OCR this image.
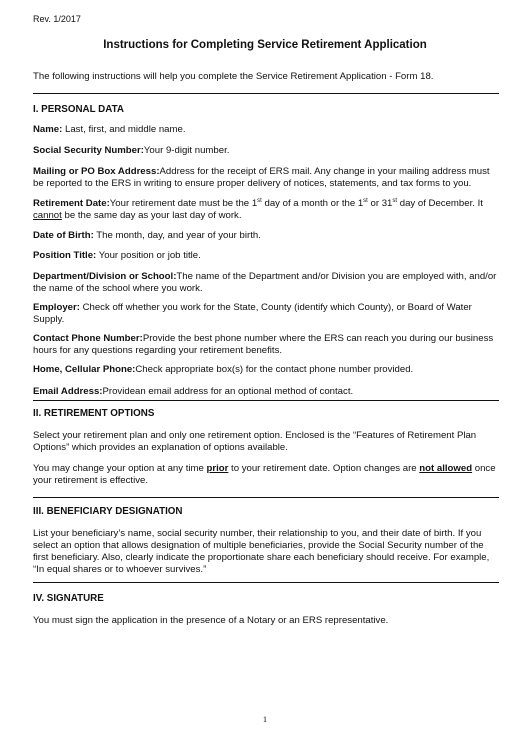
Rev. 1/2017
Instructions for Completing Service Retirement Application
The following instructions will help you complete the Service Retirement Application - Form 18.
I. PERSONAL DATA
Name: Last, first, and middle name.
Social Security Number:Your 9-digit number.
Mailing or PO Box Address:Address for the receipt of ERS mail. Any change in your mailing address must be reported to the ERS in writing to ensure proper delivery of notices, statements, and tax forms to you.
Retirement Date:Your retirement date must be the 1st day of a month or the 1st or 31st day of December. It cannot be the same day as your last day of work.
Date of Birth: The month, day, and year of your birth.
Position Title: Your position or job title.
Department/Division or School:The name of the Department and/or Division you are employed with, and/or the name of the school where you work.
Employer: Check off whether you work for the State, County (identify which County), or Board of Water Supply.
Contact Phone Number:Provide the best phone number where the ERS can reach you during our business hours for any questions regarding your retirement benefits.
Home, Cellular Phone:Check appropriate box(s) for the contact phone number provided.
Email Address:Providean email address for an optional method of contact.
II. RETIREMENT OPTIONS
Select your retirement plan and only one retirement option. Enclosed is the “Features of Retirement Plan Options” which provides an explanation of options available.
You may change your option at any time prior to your retirement date. Option changes are not allowed once your retirement is effective.
III. BENEFICIARY DESIGNATION
List your beneficiary’s name, social security number, their relationship to you, and their date of birth. If you select an option that allows designation of multiple beneficiaries, provide the Social Security number of the first beneficiary. Also, clearly indicate the proportionate share each beneficiary should receive. For example, “In equal shares or to whoever survives.”
IV. SIGNATURE
You must sign the application in the presence of a Notary or an ERS representative.
1
